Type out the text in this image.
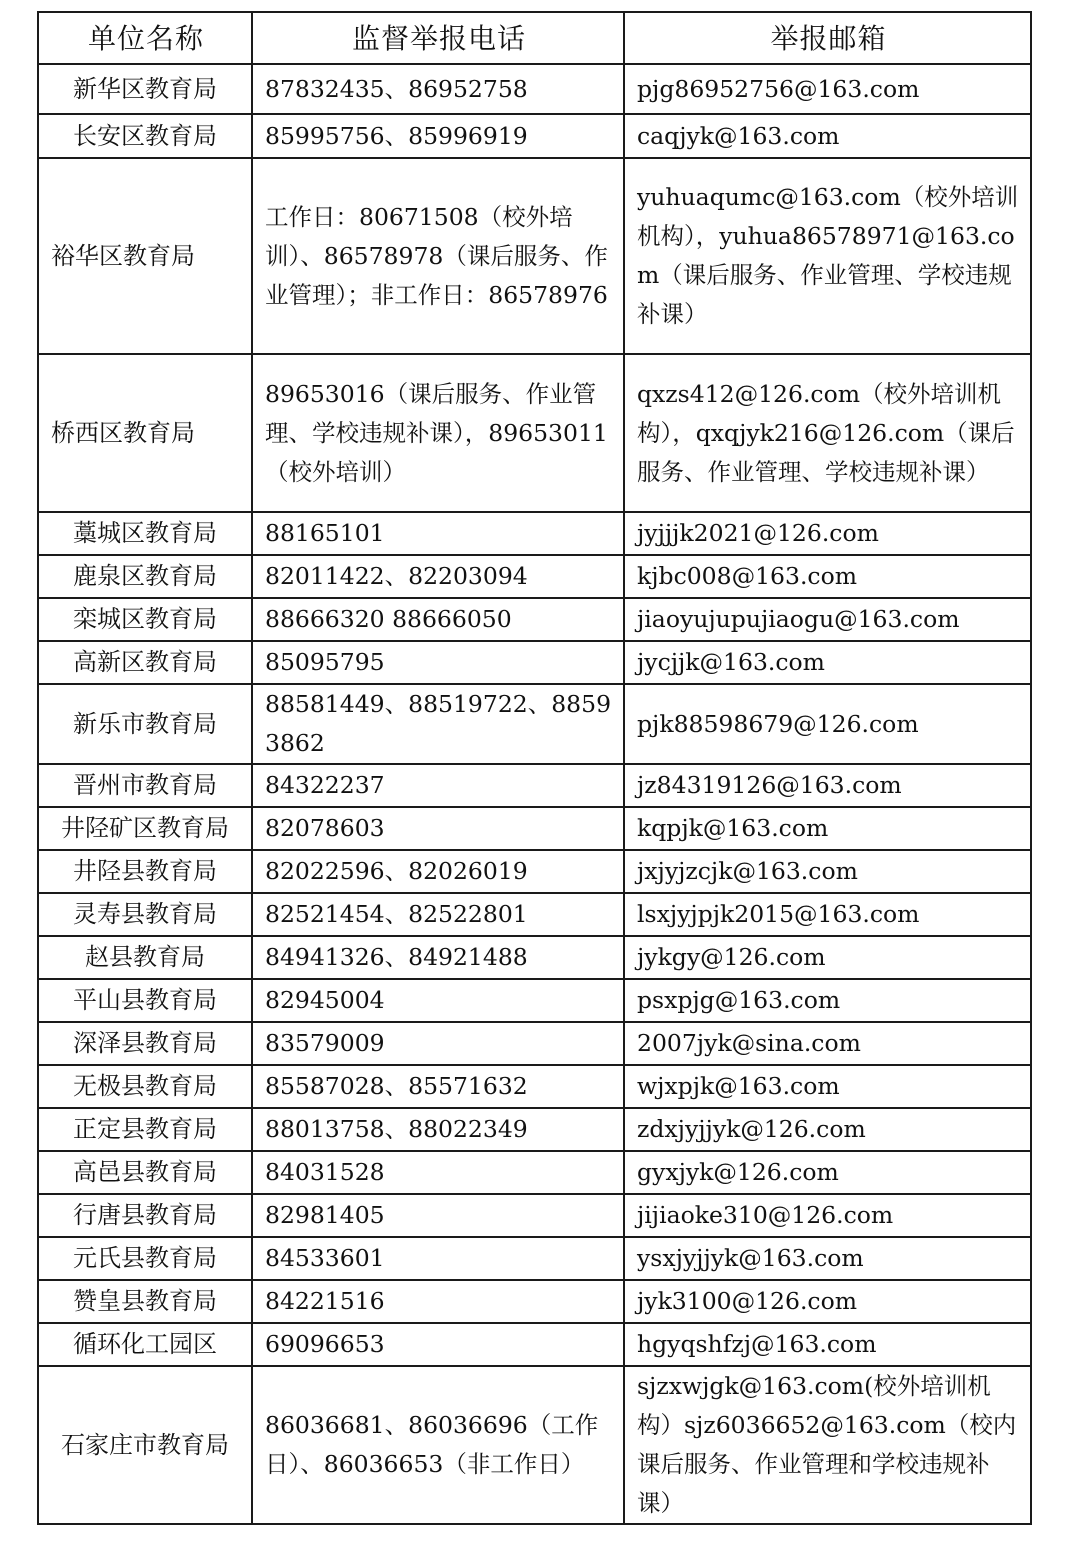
单位名称	监督举报电话	举报邮箱
新华区教育局	87832435、86952758	pjg86952756@163.com
长安区教育局	85995756、85996919	caqjyk@163.com
裕华区教育局	工作日：80671508（校外培训）、86578978（课后服务、作业管理）；非工作日：86578976	yuhuaqumc@163.com（校外培训机构），yuhua86578971@163.com（课后服务、作业管理、学校违规补课）
桥西区教育局	89653016（课后服务、作业管理、学校违规补课），89653011（校外培训）	qxzs412@126.com（校外培训机构），qxqjyk216@126.com（课后服务、作业管理、学校违规补课）
藁城区教育局	88165101	jyjjjk2021@126.com
鹿泉区教育局	82011422、82203094	kjbc008@163.com
栾城区教育局	88666320 88666050	jiaoyujupujiaogu@163.com
高新区教育局	85095795	jycjjk@163.com
新乐市教育局	88581449、88519722、88593862	pjk88598679@126.com
晋州市教育局	84322237	jz84319126@163.com
井陉矿区教育局	82078603	kqpjk@163.com
井陉县教育局	82022596、82026019	jxjyjzcjk@163.com
灵寿县教育局	82521454、82522801	lsxjyjpjk2015@163.com
赵县教育局	84941326、84921488	jykgy@126.com
平山县教育局	82945004	psxpjg@163.com
深泽县教育局	83579009	2007jyk@sina.com
无极县教育局	85587028、85571632	wjxpjk@163.com
正定县教育局	88013758、88022349	zdxjyjjyk@126.com
高邑县教育局	84031528	gyxjyk@126.com
行唐县教育局	82981405	jijiaoke310@126.com
元氏县教育局	84533601	ysxjyjjyk@163.com
赞皇县教育局	84221516	jyk3100@126.com
循环化工园区	69096653	hgyqshfzj@163.com
石家庄市教育局	86036681、86036696（工作日）、86036653（非工作日）	sjzxwjgk@163.com(校外培训机构）sjz6036652@163.com（校内课后服务、作业管理和学校违规补课）
